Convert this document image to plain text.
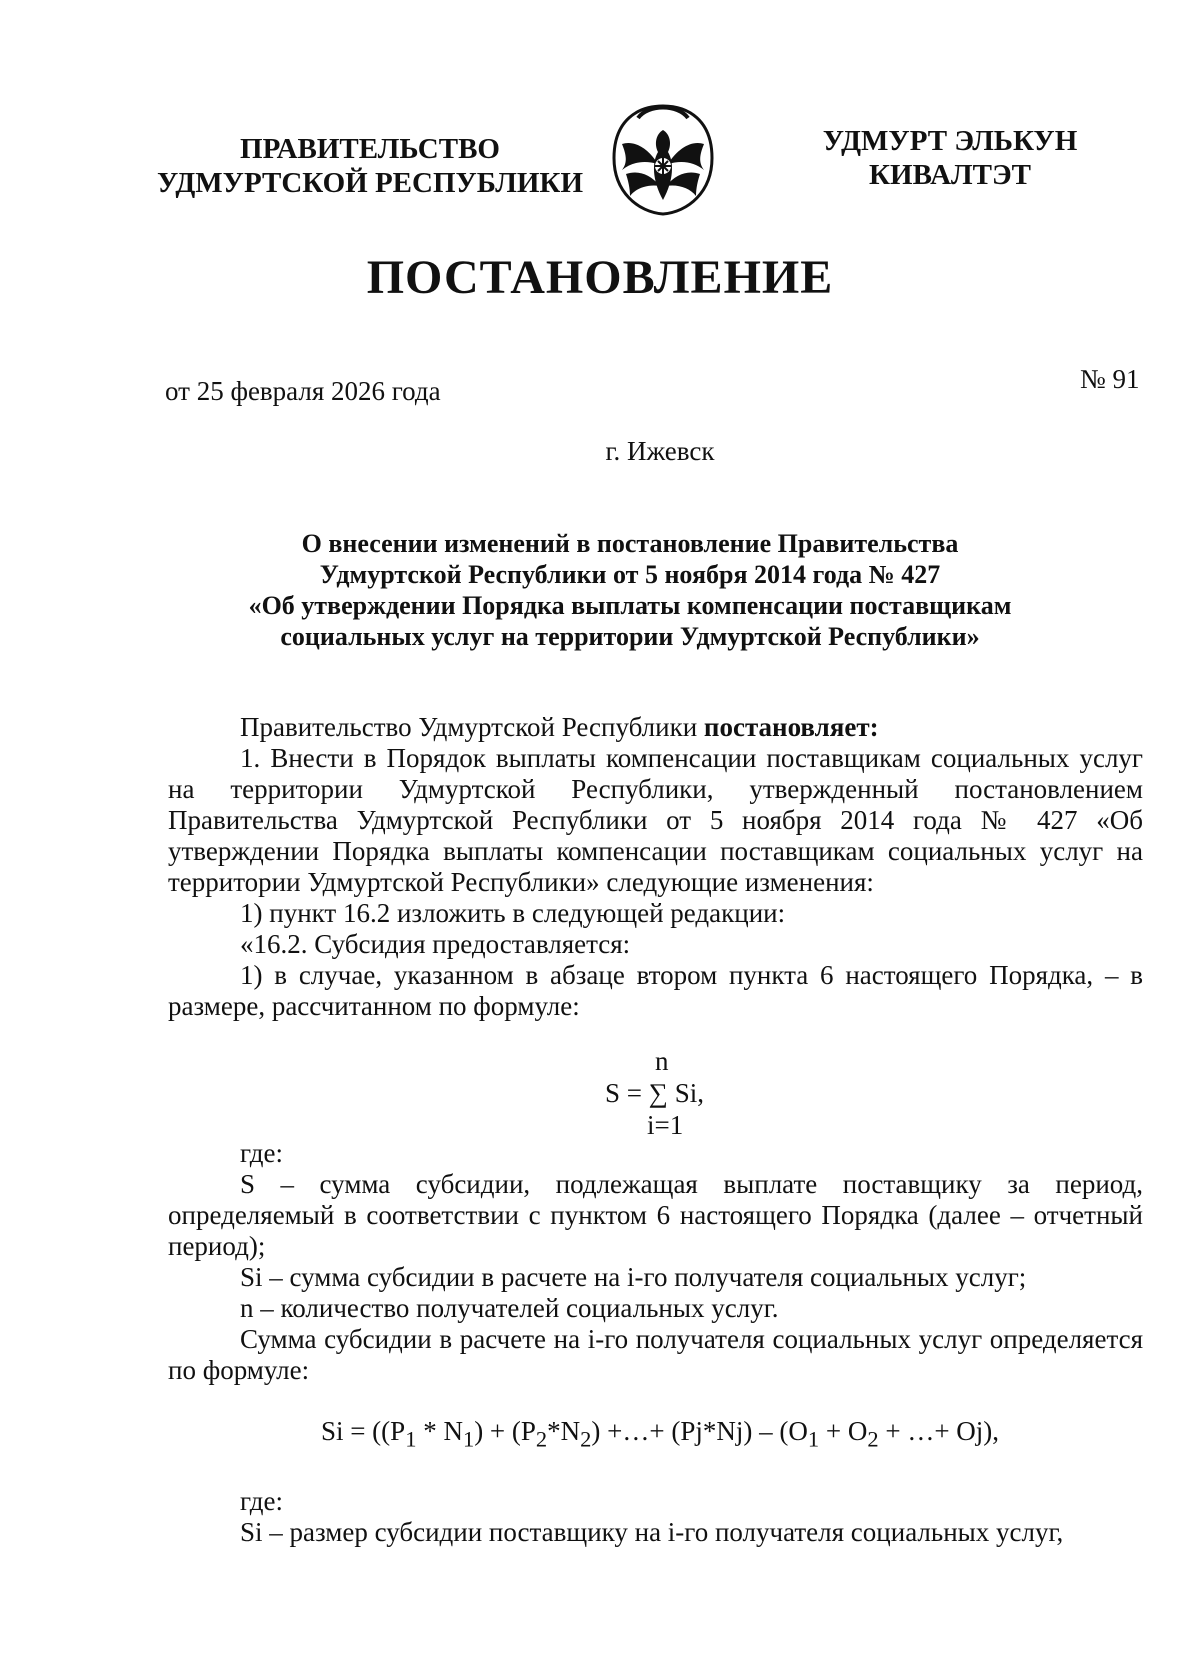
ПРАВИТЕЛЬСТВО
УДМУРТСКОЙ РЕСПУБЛИКИ
УДМУРТ ЭЛЬКУН
КИВАЛТЭТ
ПОСТАНОВЛЕНИЕ
от 25 февраля 2026 года	№ 91
г. Ижевск
О внесении изменений в постановление Правительства
Удмуртской Республики от 5 ноября 2014 года № 427
«Об утверждении Порядка выплаты компенсации поставщикам
социальных услуг на территории Удмуртской Республики»

Правительство Удмуртской Республики постановляет:

1. Внести в Порядок выплаты компенсации поставщикам социальных услуг на территории Удмуртской Республики, утвержденный постановлением Правительства Удмуртской Республики от 5 ноября 2014 года № 427 «Об утверждении Порядка выплаты компенсации поставщикам социальных услуг на территории Удмуртской Республики» следующие изменения:

1) пункт 16.2 изложить в следующей редакции:

«16.2. Субсидия предоставляется:

1) в случае, указанном в абзаце втором пункта 6 настоящего Порядка, – в размере, рассчитанном по формуле:

n
S = ∑ Si,
i=1

где:

S – сумма субсидии, подлежащая выплате поставщику за период, определяемый в соответствии с пунктом 6 настоящего Порядка (далее – отчетный период);

Si – сумма субсидии в расчете на i-го получателя социальных услуг;

n – количество получателей социальных услуг.

Сумма субсидии в расчете на i-го получателя социальных услуг определяется по формуле:

$Si = ((P_1 * N_1) + (P_2*N_2)$ +…+ $(Pj*Nj) - (O_1 + O_2$ + …+ Oj),

где:

Si – размер субсидии поставщику на i-го получателя социальных услуг,
